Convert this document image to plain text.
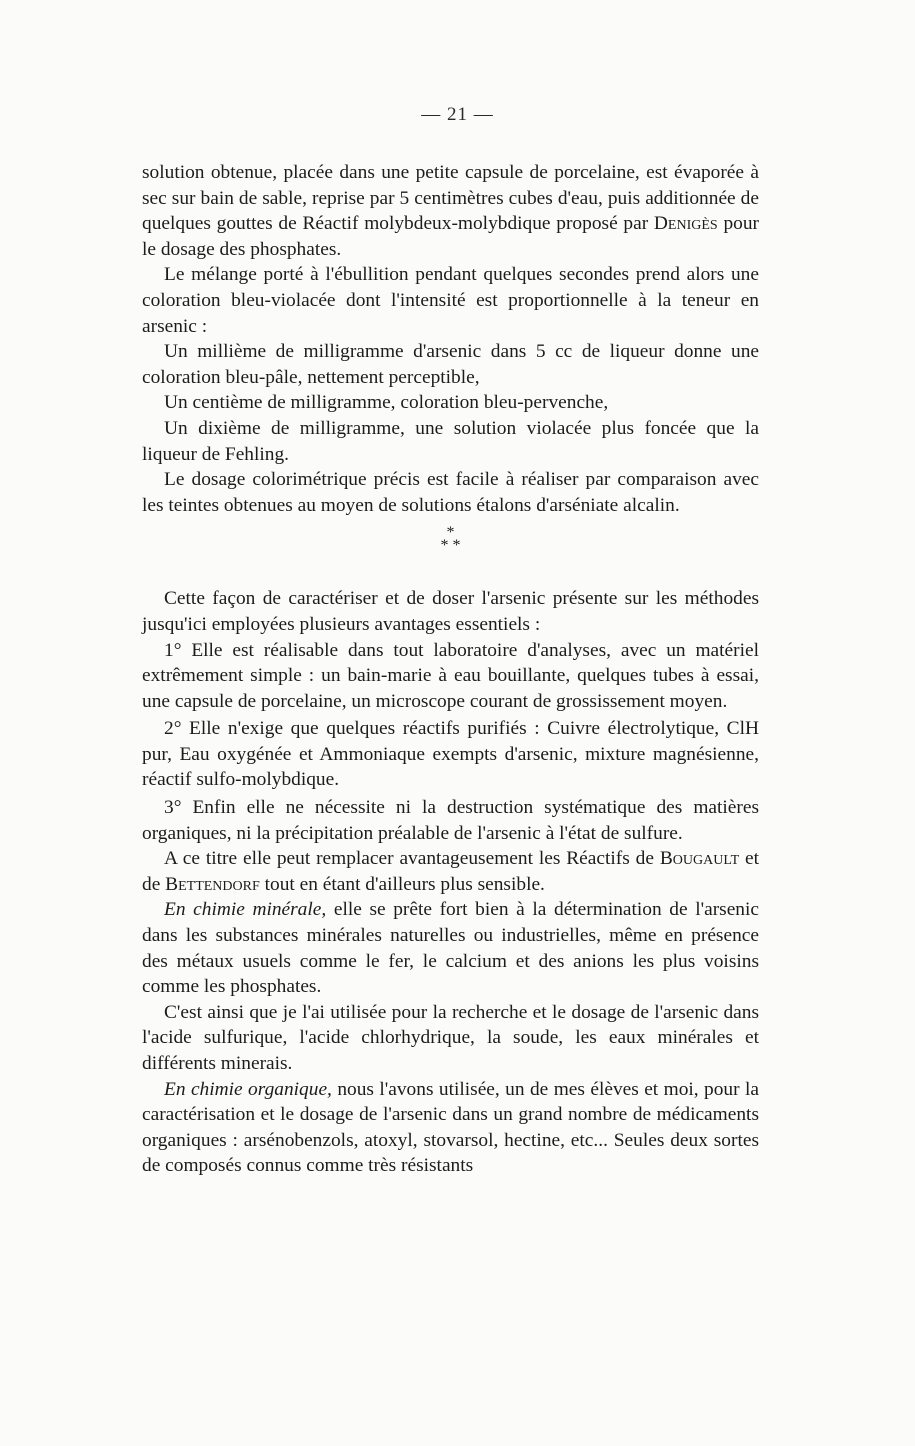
— 21 —

solution obtenue, placée dans une petite capsule de porcelaine, est évaporée à sec sur bain de sable, reprise par 5 centimètres cubes d'eau, puis additionnée de quelques gouttes de Réactif molybdeux-molybdique proposé par Denigès pour le dosage des phosphates.

Le mélange porté à l'ébullition pendant quelques secondes prend alors une coloration bleu-violacée dont l'intensité est proportionnelle à la teneur en arsenic :

Un millième de milligramme d'arsenic dans 5 cc de liqueur donne une coloration bleu-pâle, nettement perceptible,

Un centième de milligramme, coloration bleu-pervenche,

Un dixième de milligramme, une solution violacée plus foncée que la liqueur de Fehling.

Le dosage colorimétrique précis est facile à réaliser par comparaison avec les teintes obtenues au moyen de solutions étalons d'arséniate alcalin.

*
* *

Cette façon de caractériser et de doser l'arsenic présente sur les méthodes jusqu'ici employées plusieurs avantages essentiels :

1° Elle est réalisable dans tout laboratoire d'analyses, avec un matériel extrêmement simple : un bain-marie à eau bouillante, quelques tubes à essai, une capsule de porcelaine, un microscope courant de grossissement moyen.

2° Elle n'exige que quelques réactifs purifiés : Cuivre électrolytique, ClH pur, Eau oxygénée et Ammoniaque exempts d'arsenic, mixture magnésienne, réactif sulfo-molybdique.

3° Enfin elle ne nécessite ni la destruction systématique des matières organiques, ni la précipitation préalable de l'arsenic à l'état de sulfure.

A ce titre elle peut remplacer avantageusement les Réactifs de Bougault et de Bettendorf tout en étant d'ailleurs plus sensible.

En chimie minérale, elle se prête fort bien à la détermination de l'arsenic dans les substances minérales naturelles ou industrielles, même en présence des métaux usuels comme le fer, le calcium et des anions les plus voisins comme les phosphates.

C'est ainsi que je l'ai utilisée pour la recherche et le dosage de l'arsenic dans l'acide sulfurique, l'acide chlorhydrique, la soude, les eaux minérales et différents minerais.

En chimie organique, nous l'avons utilisée, un de mes élèves et moi, pour la caractérisation et le dosage de l'arsenic dans un grand nombre de médicaments organiques : arsénobenzols, atoxyl, stovarsol, hectine, etc... Seules deux sortes de composés connus comme très résistants
